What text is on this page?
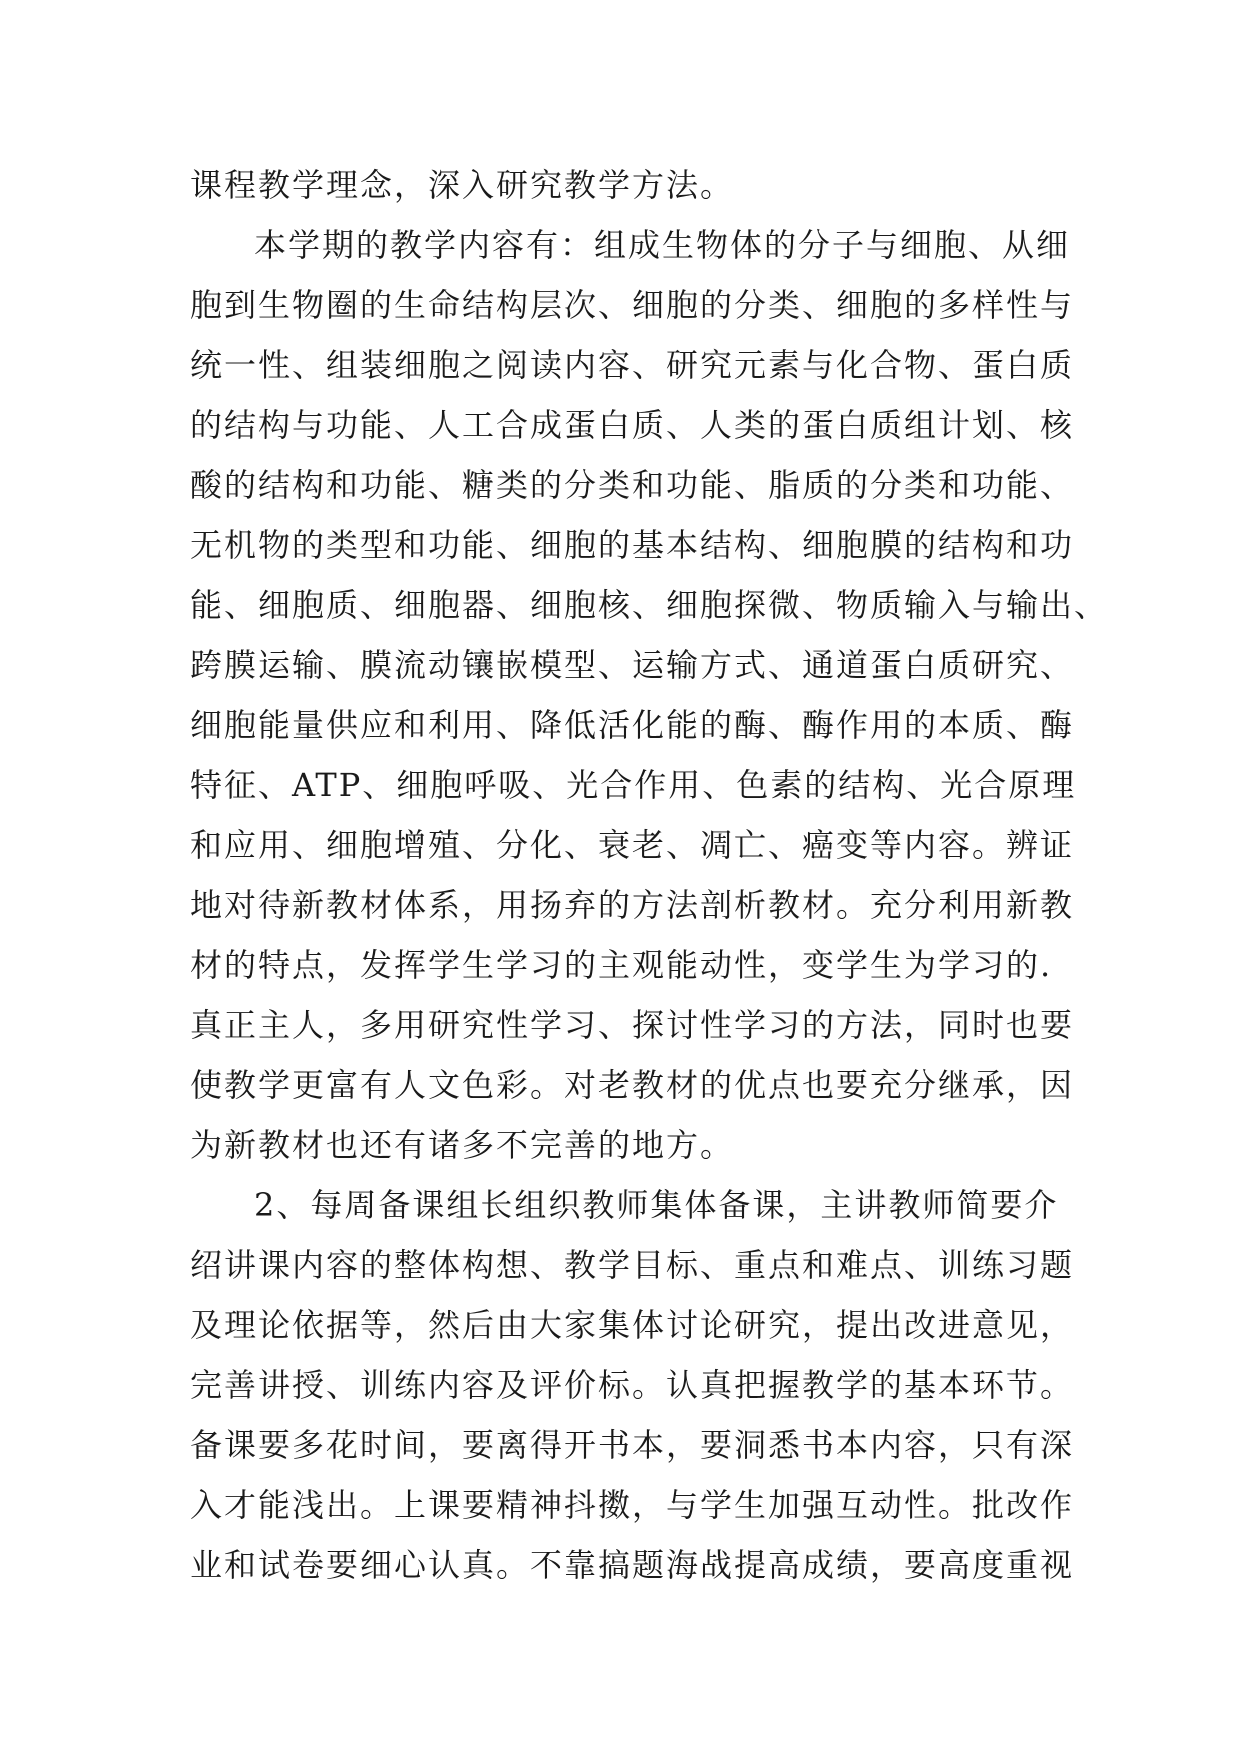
课程教学理念，深入研究教学方法。
本学期的教学内容有：组成生物体的分子与细胞、从细
胞到生物圈的生命结构层次、细胞的分类、细胞的多样性与
统一性、组装细胞之阅读内容、研究元素与化合物、蛋白质
的结构与功能、人工合成蛋白质、人类的蛋白质组计划、核
酸的结构和功能、糖类的分类和功能、脂质的分类和功能、
无机物的类型和功能、细胞的基本结构、细胞膜的结构和功
能、细胞质、细胞器、细胞核、细胞探微、物质输入与输出、
跨膜运输、膜流动镶嵌模型、运输方式、通道蛋白质研究、
细胞能量供应和利用、降低活化能的酶、酶作用的本质、酶
特征、ATP、细胞呼吸、光合作用、色素的结构、光合原理
和应用、细胞增殖、分化、衰老、凋亡、癌变等内容。辨证
地对待新教材体系，用扬弃的方法剖析教材。充分利用新教
材的特点，发挥学生学习的主观能动性，变学生为学习的.
真正主人，多用研究性学习、探讨性学习的方法，同时也要
使教学更富有人文色彩。对老教材的优点也要充分继承，因
为新教材也还有诸多不完善的地方。
2、每周备课组长组织教师集体备课，主讲教师简要介
绍讲课内容的整体构想、教学目标、重点和难点、训练习题
及理论依据等，然后由大家集体讨论研究，提出改进意见，
完善讲授、训练内容及评价标。认真把握教学的基本环节。
备课要多花时间，要离得开书本，要洞悉书本内容，只有深
入才能浅出。上课要精神抖擞，与学生加强互动性。批改作
业和试卷要细心认真。不靠搞题海战提高成绩，要高度重视
